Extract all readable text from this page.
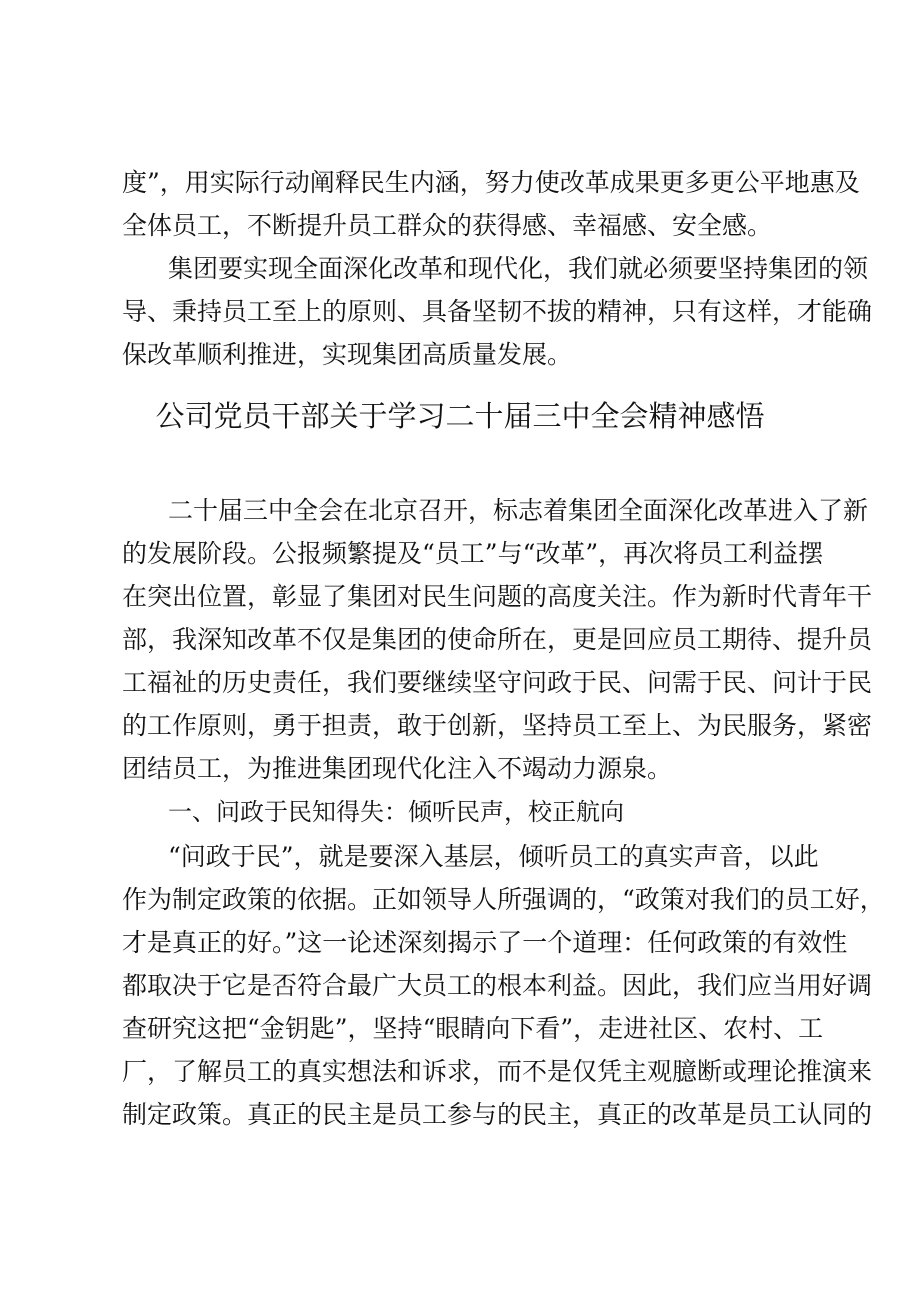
度”，用实际行动阐释民生内涵，努力使改革成果更多更公平地惠及
全体员工，不断提升员工群众的获得感、幸福感、安全感。
集团要实现全面深化改革和现代化，我们就必须要坚持集团的领
导、秉持员工至上的原则、具备坚韧不拔的精神，只有这样，才能确
保改革顺利推进，实现集团高质量发展。
公司党员干部关于学习二十届三中全会精神感悟
二十届三中全会在北京召开，标志着集团全面深化改革进入了新
的发展阶段。公报频繁提及“员工”与“改革”，再次将员工利益摆
在突出位置，彰显了集团对民生问题的高度关注。作为新时代青年干
部，我深知改革不仅是集团的使命所在，更是回应员工期待、提升员
工福祉的历史责任，我们要继续坚守问政于民、问需于民、问计于民
的工作原则，勇于担责，敢于创新，坚持员工至上、为民服务，紧密
团结员工，为推进集团现代化注入不竭动力源泉。
一、问政于民知得失：倾听民声，校正航向
“问政于民”，就是要深入基层，倾听员工的真实声音，以此
作为制定政策的依据。正如领导人所强调的，“政策对我们的员工好，
才是真正的好。”这一论述深刻揭示了一个道理：任何政策的有效性
都取决于它是否符合最广大员工的根本利益。因此，我们应当用好调
查研究这把“金钥匙”，坚持“眼睛向下看”，走进社区、农村、工
厂，了解员工的真实想法和诉求，而不是仅凭主观臆断或理论推演来
制定政策。真正的民主是员工参与的民主，真正的改革是员工认同的
